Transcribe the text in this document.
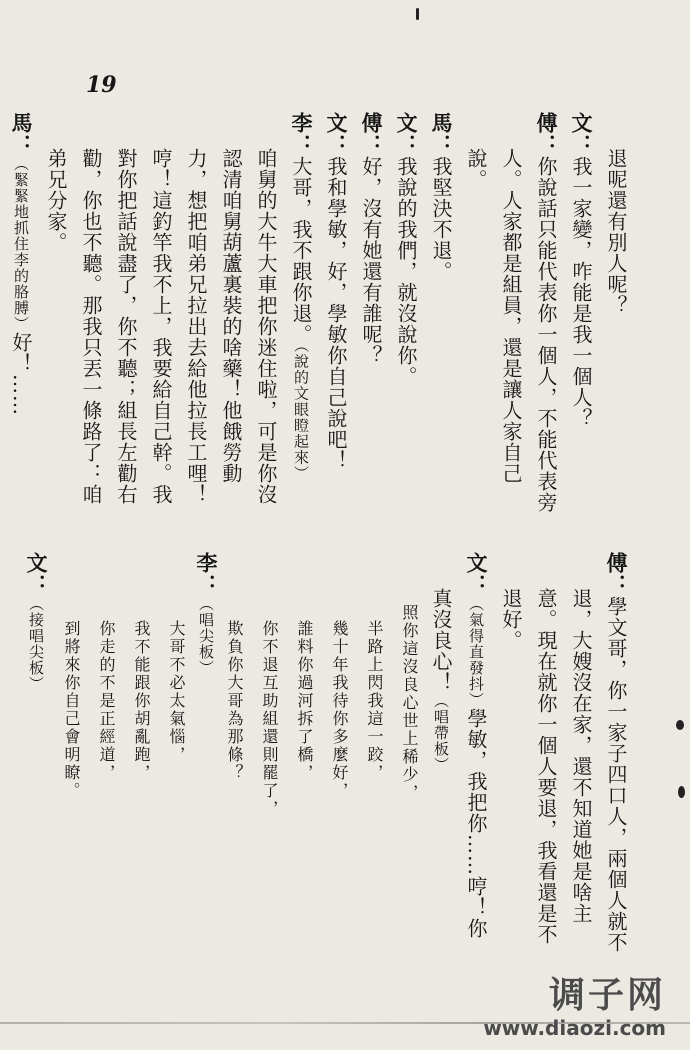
19
退呢還有別人呢？
文：我一家變，咋能是我一個人？
傅：你說話只能代表你一個人，不能代表旁
人。人家都是組員，還是讓人家自己
說。
馬：我堅決不退。
文：我說的我們，就沒說你。
傅：好，沒有她還有誰呢？
文：我和學敏，好，學敏你自己說吧！
李：大哥，我不跟你退。（說的文眼瞪起來）
咱舅的大牛大車把你迷住啦，可是你沒
認清咱舅葫蘆裏裝的啥藥！他餓勞動
力，想把咱弟兄拉出去給他拉長工哩！
哼！這釣竿我不上，我要給自己幹。我
對你把話說盡了，你不聽；組長左勸右
勸，你也不聽。那我只丟一條路了：咱
弟兄分家。
馬：（緊緊地抓住李的胳膊）好！……
傅：學文哥，你一家子四口人，兩個人就不
退，大嫂沒在家，還不知道她是啥主
意。現在就你一個人要退，我看還是不
退好。
文：（氣得直發抖）學敏，我把你……哼！你
真沒良心！（唱帶板）
照你這沒良心世上稀少，
半路上閃我這一跤，
幾十年我待你多麼好，
誰料你過河拆了橋，
你不退互助組還則罷了，
欺負你大哥為那條？
李：（唱尖板）
大哥不必太氣惱，
我不能跟你胡亂跑，
你走的不是正經道，
到將來你自己會明瞭。
文：（接唱尖板）
调子网
www.diaozi.com
